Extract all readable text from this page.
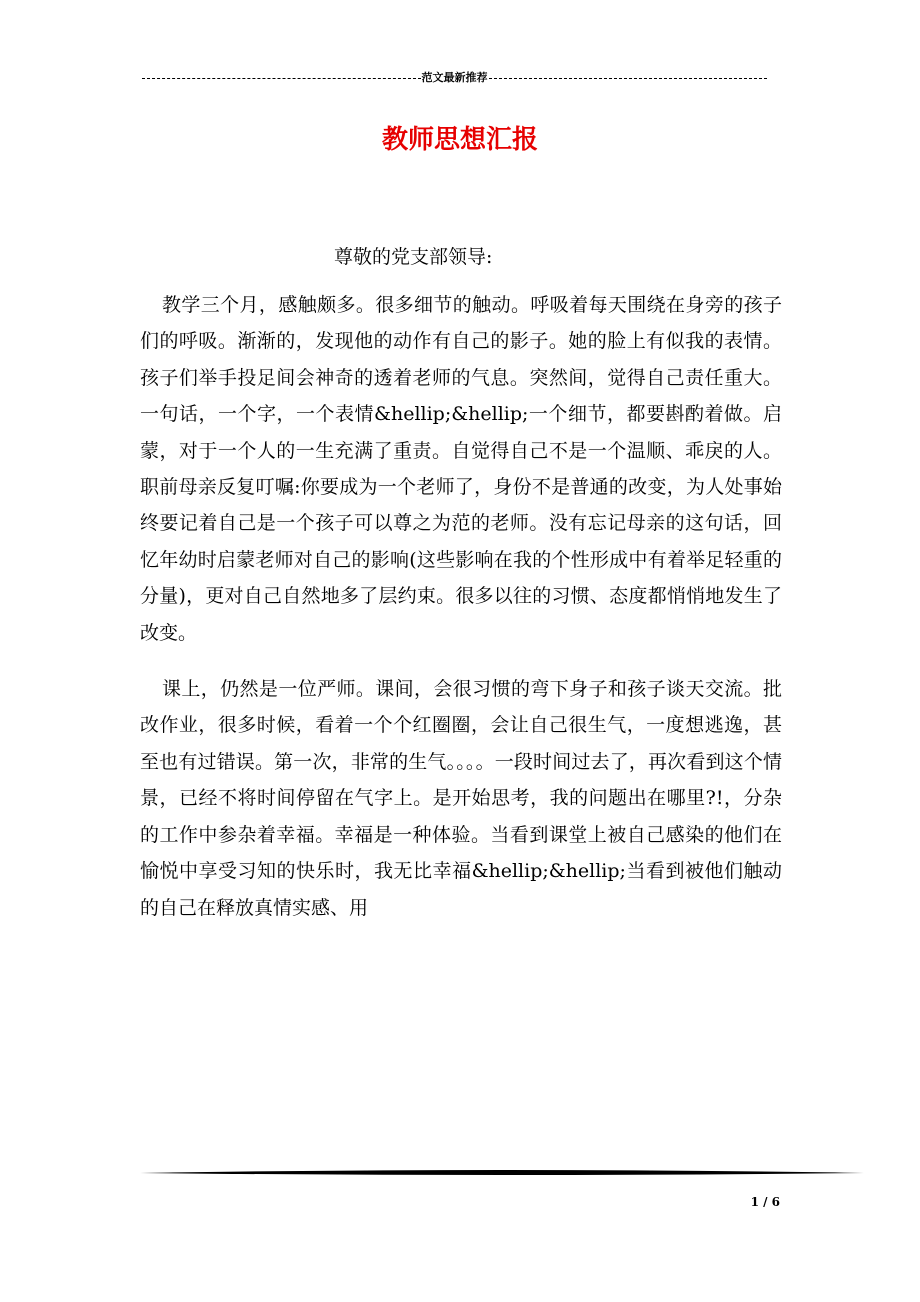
范文最新推荐
教师思想汇报
尊敬的党支部领导:

教学三个月，感触颇多。很多细节的触动。呼吸着每天围绕在身旁的孩子们的呼吸。渐渐的，发现他的动作有自己的影子。她的脸上有似我的表情。孩子们举手投足间会神奇的透着老师的气息。突然间，觉得自己责任重大。一句话，一个字，一个表情&hellip;&hellip;一个细节，都要斟酌着做。启蒙，对于一个人的一生充满了重责。自觉得自己不是一个温顺、乖戾的人。职前母亲反复叮嘱:你要成为一个老师了，身份不是普通的改变，为人处事始终要记着自己是一个孩子可以尊之为范的老师。没有忘记母亲的这句话，回忆年幼时启蒙老师对自己的影响(这些影响在我的个性形成中有着举足轻重的分量)，更对自己自然地多了层约束。很多以往的习惯、态度都悄悄地发生了改变。

课上，仍然是一位严师。课间，会很习惯的弯下身子和孩子谈天交流。批改作业，很多时候，看着一个个红圈圈，会让自己很生气，一度想逃逸，甚至也有过错误。第一次，非常的生气。。。。一段时间过去了，再次看到这个情景，已经不将时间停留在气字上。是开始思考，我的问题出在哪里?!，分杂的工作中参杂着幸福。幸福是一种体验。当看到课堂上被自己感染的他们在愉悦中享受习知的快乐时，我无比幸福&hellip;&hellip;当看到被他们触动的自己在释放真情实感、用

1 / 6
